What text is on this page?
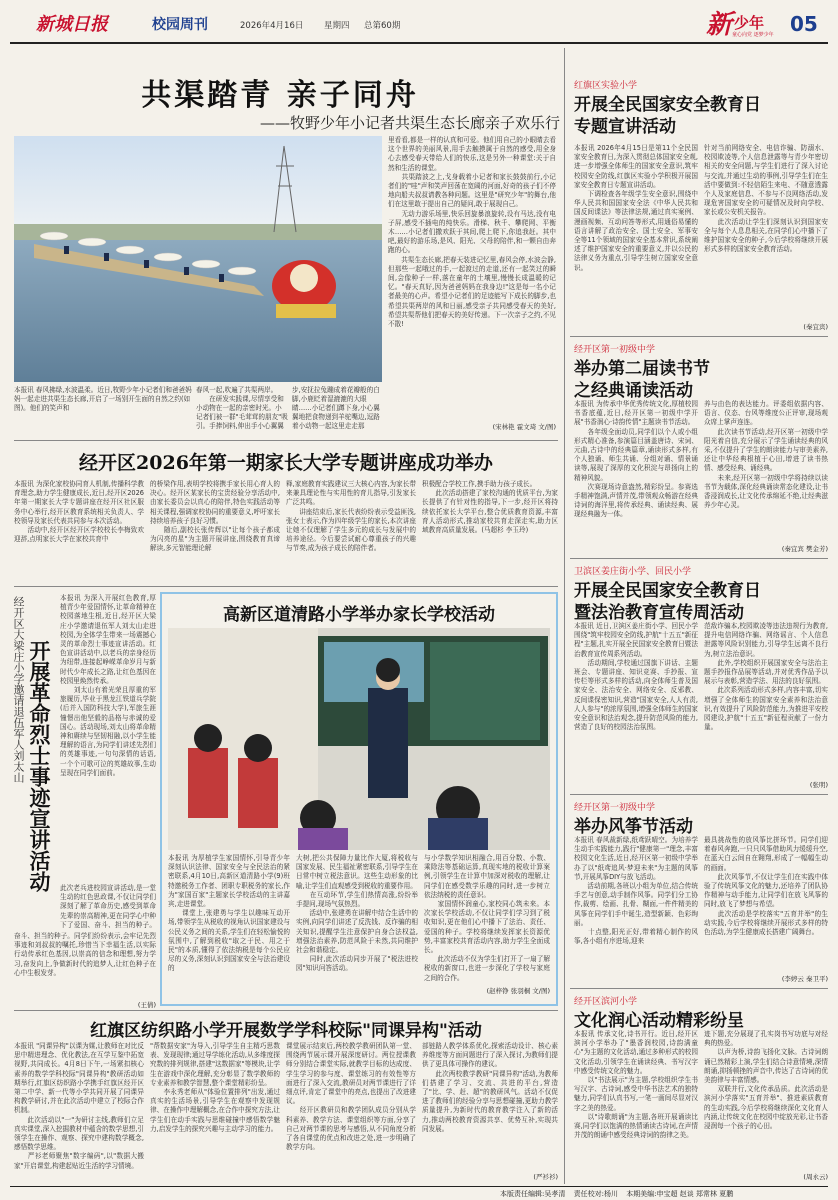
新城日报	校园周刊	2026年4月16日 星期四 总第60期	新 少年
童心向党 逐梦少年 05
共渠踏青 亲子同舟
——牧野少年小记者共渠生态长廊亲子欢乐行
本报讯 春风拂绿,水波温柔。近日,牧野少年小记者们和爸爸妈妈一起走进共渠生态长廊,开启了一场别开生面的自然之约(如图)。他们的笑声和
春风一起,吹遍了共渠两岸。
　　在研发实践课,尽情享受和小动物在一起的亲密时光。小记者们被一群"毛茸茸的朋友"吸引。手捧饲料,伸出手小心翼翼
步,安抚拉兔蹦成着花瓣般的白脚,小鹿眨着湿漉漉的大眼睛……小记者们蹲下身,小心翼翼地把食物递到羊驼嘴边,逗路着小动物一起这里走走那
里看看,都是一样的认真和可爱。他们用自己的小眼睛去看这个世界的美丽风景,用手去触摸属于自然的感受,用全身心去感受春天带给人们的快乐,这是另外一种课堂:关于自然和生活的课堂。
　　共渠踏波之上,戈身载着小记者和家长鼓鼓前行,小记者们的"哇"声和笑声回荡在宽阔的河面,好奇的孩子们不停地向船夫叔叔请教各种问题。这里是"研究少年"的舞台,他们在这里敢于提出自己的疑问,敢于展现自己。
　　无动力游乐场里,快乐回旋暴浪旋转,设有马达,没有电子屏,感受不插电的纯快乐。滑梯、秋千、攀爬网、平衡木……小记者们撒欢跃于其间,爬上爬下,你追我赶。其中吧,最好的游乐场,是风、阳光、父母的陪伴,和一颗自由奔跑的心。
　　共渠生态长廊,把春天装进记忆里,春风会停,水波会静,但那些一起哦过的手,一起渡过的走道,还有一起笑过的瞬间,会像种子一样,落在童年的土壤里,慢慢长成温暖的记忆。"春天真好,因为爸爸妈妈在我身边!"这是每一名小记者最美的心声。希望小记者们的足迹能写下成长的脚步,也希望共渠两岸的风和日丽,感受亲子共同感受春天的美好,希望共渠帮他们把春天的美好传递。下一次亲子之约,不见不散!
(宋林艳 霍文琦 文/图)
经开区2026年第一期家长大学专题讲座成功举办
本报讯 为深化家校协同育人机制,传播科学教育理念,助力学生健康成长,近日,经开区2026年第一期家长大学专题讲座在经开区社区服务中心举行,经开区教育系统相关负责人、学校领导及家长代表共同参与本次活动。
　　活动中,经开区经开区学校校长李梅致欢迎辞,点明家长大学在家校共育中
的桥梁作用,表明学校将携手家长用心育人的决心。经开区某家长的宝贵经验分享活动中,由家长委员会以真心的陪伴,特色实践活动等相关课程,强调家校协同的重要意义,呼吁家长持续培养孩子良好习惯。
　　随后,副校长张传辉以"让每个孩子都成为闪亮的星"为主题开展讲座,围绕教育真谛解读,多元智能理论解
释,家庭教育实践建议三大核心内容,为家长带来兼具理论性与实用性的育儿指导,引发家长广泛共鸣。
　　讲座结束后,家长代表纷纷表示受益匪浅,张女士表示,作为四年级学生的家长,本次讲座让她不仅理解了学生多元的成长与发展中的培养途径。今后要尝试耐心尊重孩子的兴趣与节奏,成为孩子成长的陪伴者。
积极配合学校工作,携手助力孩子成长。
　　此次活动搭建了家校沟通的优质平台,为家长提供了有针对性的指导,下一步,经开区将持续依托家长大学平台,整合优质教育资源,丰富育人活动形式,推动家校共育走深走实,助力区域教育高质量发展。(马超杉 李玉玲)
经开区大梁庄小学邀请退伍军人刘太山 开展革命烈士事迹宣讲活动
本报讯 为深入开展红色教育,厚植青少年爱国情怀,让革命精神在校园落地生根,近日,经开区大梁庄小学邀请退伍军人刘太山走进校园,为全体学生带来一场震撼心灵的革命烈士事迹宣讲活动。红色宣讲活动中,以老兵的亲身经历为纽带,连接起峥嵘革命岁月与新时代少年成长之路,让红色基因在校园里焕然传承。
　　刘太山有着光荣且厚重的军旅履历,毕业于黑龙江铁道兵学院(后并入国防科技大学),军旅生涯憧憬出他坚毅的品格与赤诚的爱国心。活动现场,刘太山将革命精神和赓续与坚韧相融,以小学生能理解的语言,为同学们讲述先烈们的英雄事迹,一句句深情的话语,一个个可歌可泣的英雄故事,生动呈现在同学们面前。
此次老兵进校园宣讲活动,是一堂生动的红色思政课,不仅让同学们深刻了解了革命历史,感受到革命先辈的崇高精神,更在同学心中种下了爱国、奋斗、担当的种子。
奋斗、担当的种子。同学们纷纷表示,会牢记先烈事迹和刘叔叔的嘱托,珍惜当下幸福生活,以实际行动传承红色基因,以崇高的信念和理想,努力学习,奋发向上,争做新时代的追梦人,让红色种子在心中生根发芽。
(王倩)
高新区道清路小学举办家长学校活动
本报讯 为厚植学生家国情怀,引导青少年深刻认识法律、国家安全与全民法治的紧密联系,4月10日,高新区道清路小学(9)班特邀税务工作者、团职专职税务的家长,作为"家国百家"主题家长学校活动的主讲嘉宾,走进课堂。
　　课堂上,张建勇与学生以趣味互动开场,带领学生从税收的视角认识国家建设与公民义务之间的关系,学生们在轻松愉悦的氛围中,了解到税收"取之于民、用之于民"的本质,懂得了依法纳税是每个公民应尽的义务,深刻认识到国家安全与法治建设的
大树,把公共保障力量比作大厦,将税收与国家发展、民生福祉紧密联系,引导学生在日常中树立税法意识。这些生动形象的比喻,让学生们直观感受到税收的重要作用。
　　在互动环节,学生们热情高涨,纷纷举手提问,现场气氛热烈。
　　活动中,张建勇在讲解中结合生活中的实例,向同学们讲述了反洗钱、反诈骗的相关知识,提醒学生注意保护自身合法权益,增强法治素养,防范风险于未然,共同维护社会和谐稳定。
　　同时,此次活动同步开展了"税法进校园"知识问答活动。
与小学数学知识相融合,用百分数、小数、乘除法等基础运算,真现实地的税收计算案例,引领学生在计算中加深对税收的理解,让同学们在感受数学乐趣的同时,进一步树立依法纳税的责任意识。
　　家国情怀润童心,家校同心筑未来。本次家长学校活动,不仅让同学们学习到了税收知识,更在他们心中播下了法治、责任、爱国的种子。学校将继续发挥家长资源优势,丰富家校共育活动内容,助力学生全面成长。
　　此次活动不仅为学生们打开了一扇了解税收的新窗口,也进一步深化了学校与家庭之间的合作。
(赵梓铮 张羽桐 文/图)
红旗区纺织路小学开展数学学科校际"同课异构"活动
本报讯 "同课异构"以课为媒,让教师在对比反思中精进理念、优化教法,在互学互鉴中拓宽视野,共同成长。4月8日下午,一场紧扣核心素养的数学学科校际"同课异构"教研活动如期举行,红旗区纺织路小学携手红旗区经开区第二中学、新一代等小学共同开展了同课异构教学研讨,并在此次活动中建立了校际合作机制。
　　此次活动以"一"为研讨主线,教师们立足真实课堂,深入挖掘教材中蕴含的数学思想,引领学生在操作、观察、探究中建构数学概念,感悟数学思维。
　　严衫老师聚焦"数字编码",以"数据大搬家"开启课堂,构建起贴近生活的学习情境。
"帮数据安家"为导入,引导学生自主精巧思数表、发现现律;通过导学练化活动,从多维度探究数的排列规律,搭建"这数据家"等模块,让学生在游戏中深化理解,充分彰显了数学教师的专业素养和教学智慧,整个课堂精彩纷呈。
　　李永秀老师从"体验位置排列"出发,通过真实的生活场景,引导学生在观察中发现规律、在操作中理解概念,在合作中探究方法,让学生们在动手实践与思维碰撞中感悟数学魅力,启发学生的探究兴趣与主动学习的能力。
课堂展示结束后,两校教学教研团队第一堂、围绕两节展示课开展深度研讨。两位授课教师分别结合课堂实际,就教学目标的达成度、学生学习的参与度、课堂练习的有效性等方面进行了深入交流,教研员对两节课进行了详细点评,肯定了课堂中的亮点,也提出了改进建议。
　　经开区教研员和教学团队成员分别从学科素养、教学方法、课堂组织等方面,分享了自己对两节课的思考与感悟,从不同角度分析了各自课堂的优点和改进之处,进一步明确了教学方向。
部链路人教学体系优化,探索活动设计、核心素养维度等方面问题进行了深入探讨,为教师们提供了更具体可操作的建议。
　　此次两校教学教研"同课异构"活动,为教师们搭建了学习、交流、共进的平台,营造了"比、学、赶、超"的教研风气。活动不仅促进了教师们的经验分享与思想碰撞,更助力教学质量提升,为新时代的教育教学注入了新的活力,推动两校教育资源共享、优势互补,实现共同发展。
(严衫衫)
红旗区实验小学
开展全民国家安全教育日
专题宣讲活动
本报讯 2026年4月15日是第11个全民国家安全教育日,为深入贯彻总体国家安全观,进一步增强全体师生的国家安全意识,筑牢校园安全防线,红旗区实验小学积极开展国家安全教育日专题宣讲活动。
　　下调检查各年级学生安全意识,围绕中华人民共和国国家安全法《中华人民共和国反间谍法》等法律法规,通过真实案例、漫画视频、互动问答等形式,用通俗易懂的语言讲解了政治安全、国土安全、军事安全等11个领域的国家安全基本常识,系统阐述了维护国家安全的重要意义,并以公民的法律义务为重点,引导学生树立国家安全意识。
针对当前网络安全、电信诈骗、防溺水、校园欺凌等,个人信息泄露等与青少年密切相关的安全问题,与学生们进行了深入讨论与交流,并通过生动的事例,引导学生们在生活中要做到:不轻信陌生来电、不随意透露个人及家庭信息、不参与不良网络活动,发现危害国家安全的可疑情况及时向学校、家长或公安机关报告。
　　此次活动让学生们深刻认识到国家安全与每个人息息相关,在同学们心中播下了维护国家安全的种子,今后学校将继续开展形式多样的国家安全教育活动。
(秦宜宾)
经开区第一初级中学
举办第二届读书节
之经典诵读活动
本报讯 为传承中华优秀传统文化,厚植校园书香底蕴,近日,经开区第一初级中学开展"书香润心·诗韵传情"主题读书节活动。
　　各年级全面动员,同学们以个人或小组形式精心准备,参演篇目涵盖唐诗、宋词、元曲,古诗中的经典篇章,诵读形式多样,有个人独诵、师生共诵、分组对诵、情景诵读等,展现了深厚的文化积淀与昂扬向上的精神风貌。
　　次赛现场诗意盎然,精彩纷呈。参赛选手精神饱满,声情并茂,带领观众畅游在经典诗词的海洋里,将传承经典、诵读经典、展现经典融为一体。
养与由色的表达能力。评委组依据内容、语言、仪态、台风等维度公正评审,现场观众席上掌声连连。
　　此次读书节活动,经开区第一初级中学阳光着自信,充分展示了学生诵读经典的风采,不仅提升了学生的朗读能力与审美素养,还让中华经典根植于心田,增进了读书热情、感受经典、诵经典。
　　未来,经开区第一初级中学将持续以读书节为载体,深化经典诵读常态化建设,让书香浸润成长,让文化传承绵延不绝,让经典滋养少年心灵。
(秦宜宾 樊金芳)
卫滨区姜庄街小学、回民小学
开展全民国家安全教育日
暨法治教育宣传周活动
本报讯 近日,卫滨区姜庄街小学、回民小学围绕"筑牢校园安全防线,护航"十五五"新征程"主题,扎实开展全民国家安全教育日暨法治教育宣传周系列活动。
　　活动期间,学校通过国旗下讲话、主题班会、专题讲座、知识竞赛、手抄报、宣传栏等形式多样的活动,向全体师生普及国家安全、法治安全、网络安全、反邪教、反间谍保密知识,营造"国家安全,人人有责,人人参与"的浓厚氛围,增强全体师生的国家安全意识和法治观念,提升防范风险的能力,营造了良好的校园法治氛围。
范敌诈骗本,校园欺凌等违法违规行为教育,提升电信网络诈骗、网络谣言、个人信息泄露等风险识别能力,引导学生远离不良行为,树立法治意识。
　　此外,学校组织开展国家安全与法治主题手抄报作品展等活动,并对优秀作品予以展示与表彰,营造学法、用法的良好氛围。
　　此次系列活动形式多样,内容丰富,切实增强了全体师生的国家安全素养和法治意识,有效提升了风险防范能力,为推进平安校园建设,护航"十五五"新征程贡献了一份力量。
(张明)
经开区第一初级中学
举办风筝节活动
本报讯 春风裁新绿,纸鸢跃晴空。为培养学生动手实践能力,践行"健康第一"理念,丰富校园文化生活,近日,经开区第一初级中学举办了以"纸鸢追风·梦迎未来"为主题的风筝节,开展风筝DIY与放飞活动。
　　活动前期,各班以小组为单位,结合传统手艺与创意,动手制作风筝。同学们分工协作,裁剪、绘画、扎骨、糊面,一件件精美的风筝在同学们手中诞生,造型新颖、色彩绚丽。
　　十点整,阳光正好,带着精心制作的风筝,各小组有序进场,迎来
最具挑战性的放风筝比拼环节。同学们迎着春风奔跑,一只只风筝借助风力缓缓升空,在蓝天白云间自在翱翔,形成了一幅幅生动的画面。
　　此次风筝节,不仅让学生们在实践中体验了传统风筝文化的魅力,还培养了团队协作精神与动手能力,让同学们在放飞风筝的同时,放飞了梦想与希望。
　　此次活动是学校落实"五育并举"的生动实践,今后学校将继续开展形式多样的特色活动,为学生健康成长搭建广阔舞台。
(李婷云 秦卫平)
经开区滨河小学
文化润心活动精彩纷呈
本报讯 传承文化,诗书开行。近日,经开区滨河小学举办了"墨香润校园,诗韵满童心"为主题的文化活动,通过多种形式的校园文化活动,引领学生在诵读经典、书写汉字中感受传统文化的魅力。
　　以"书法展示"为主题,学校组织学生书写汉字、古诗词,感受中华书法艺术的独特魅力,同学们认真书写,一笔一画间尽显对汉字之美的热爱。
　　以"诗歌朗诵"为主题,各班开展诵读比赛,同学们以饱满的热情诵读古诗词,在声情并茂的朗诵中感受经典诗词的韵律之美。
迹下题,充分展现了孔实岗书写功底与对经典的热爱。
　　以声为桥,诗韵飞扬化文脉。古诗词朗诵已然精彩上演,学生们结合诗意情境,深情朗诵,抑扬顿挫的声音中,传达了古诗词的优美韵律与丰富情感。
　　双联并行,文化传承品质。此次活动是滨河小学落实"五育并举"、推进素质教育的生动实践,今后学校将继续深化文化育人内涵,让传统文化在校园中绽放光彩,让书香浸润每一个孩子的心田。
(周永云)
本版责任编辑:吴孝清 责任校对:杨川 本期美编:申宝超 赵谈 郑常林 夏鹏
